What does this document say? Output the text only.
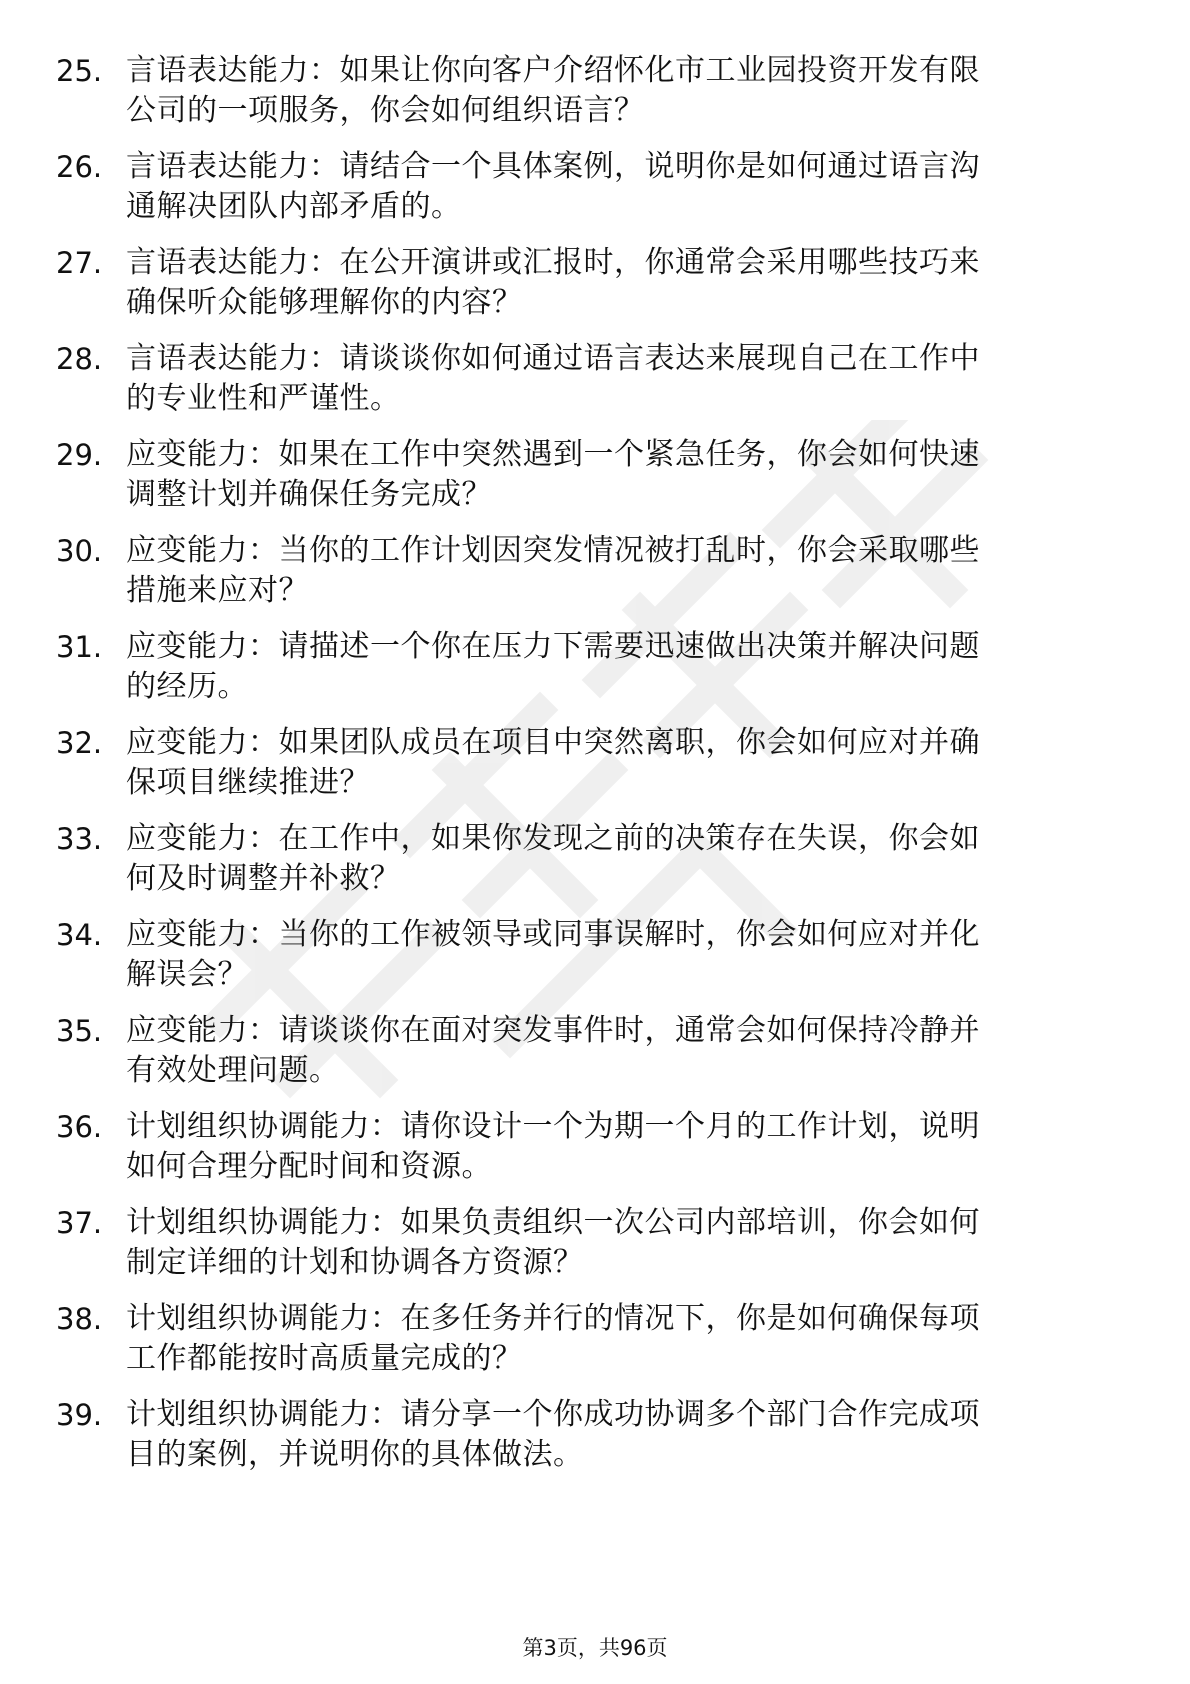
25. 言语表达能力：如果让你向客户介绍怀化市工业园投资开发有限
公司的一项服务，你会如何组织语言？
26. 言语表达能力：请结合一个具体案例，说明你是如何通过语言沟
通解决团队内部矛盾的。
27. 言语表达能力：在公开演讲或汇报时，你通常会采用哪些技巧来
确保听众能够理解你的内容？
28. 言语表达能力：请谈谈你如何通过语言表达来展现自己在工作中
的专业性和严谨性。
29. 应变能力：如果在工作中突然遇到一个紧急任务，你会如何快速
调整计划并确保任务完成？
30. 应变能力：当你的工作计划因突发情况被打乱时，你会采取哪些
措施来应对？
31. 应变能力：请描述一个你在压力下需要迅速做出决策并解决问题
的经历。
32. 应变能力：如果团队成员在项目中突然离职，你会如何应对并确
保项目继续推进？
33. 应变能力：在工作中，如果你发现之前的决策存在失误，你会如
何及时调整并补救？
34. 应变能力：当你的工作被领导或同事误解时，你会如何应对并化
解误会？
35. 应变能力：请谈谈你在面对突发事件时，通常会如何保持冷静并
有效处理问题。
36. 计划组织协调能力：请你设计一个为期一个月的工作计划，说明
如何合理分配时间和资源。
37. 计划组织协调能力：如果负责组织一次公司内部培训，你会如何
制定详细的计划和协调各方资源？
38. 计划组织协调能力：在多任务并行的情况下，你是如何确保每项
工作都能按时高质量完成的？
39. 计划组织协调能力：请分享一个你成功协调多个部门合作完成项
目的案例，并说明你的具体做法。
第3页，共96页
